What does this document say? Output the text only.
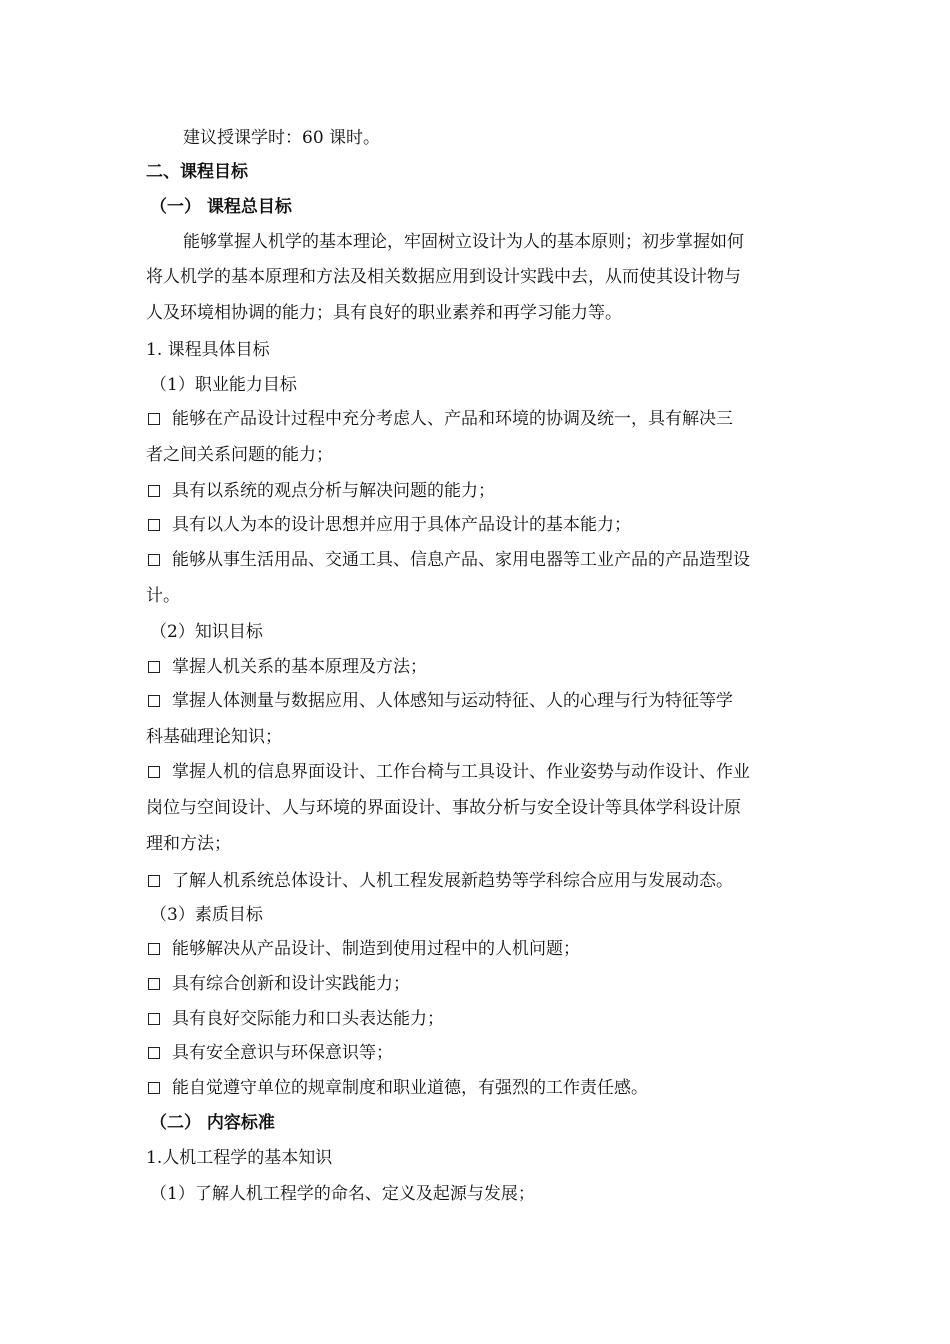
建议授课学时：60 课时。
二、课程目标
（一） 课程总目标
能够掌握人机学的基本理论，牢固树立设计为人的基本原则；初步掌握如何
将人机学的基本原理和方法及相关数据应用到设计实践中去，从而使其设计物与
人及环境相协调的能力；具有良好的职业素养和再学习能力等。
1. 课程具体目标
（1）职业能力目标
能够在产品设计过程中充分考虑人、产品和环境的协调及统一，具有解决三
者之间关系问题的能力；
具有以系统的观点分析与解决问题的能力；
具有以人为本的设计思想并应用于具体产品设计的基本能力；
能够从事生活用品、交通工具、信息产品、家用电器等工业产品的产品造型设
计。
（2）知识目标
掌握人机关系的基本原理及方法；
掌握人体测量与数据应用、人体感知与运动特征、人的心理与行为特征等学
科基础理论知识；
掌握人机的信息界面设计、工作台椅与工具设计、作业姿势与动作设计、作业
岗位与空间设计、人与环境的界面设计、事故分析与安全设计等具体学科设计原
理和方法；
了解人机系统总体设计、人机工程发展新趋势等学科综合应用与发展动态。
（3）素质目标
能够解决从产品设计、制造到使用过程中的人机问题；
具有综合创新和设计实践能力；
具有良好交际能力和口头表达能力；
具有安全意识与环保意识等；
能自觉遵守单位的规章制度和职业道德，有强烈的工作责任感。
（二） 内容标准
1.人机工程学的基本知识
（1）了解人机工程学的命名、定义及起源与发展；
